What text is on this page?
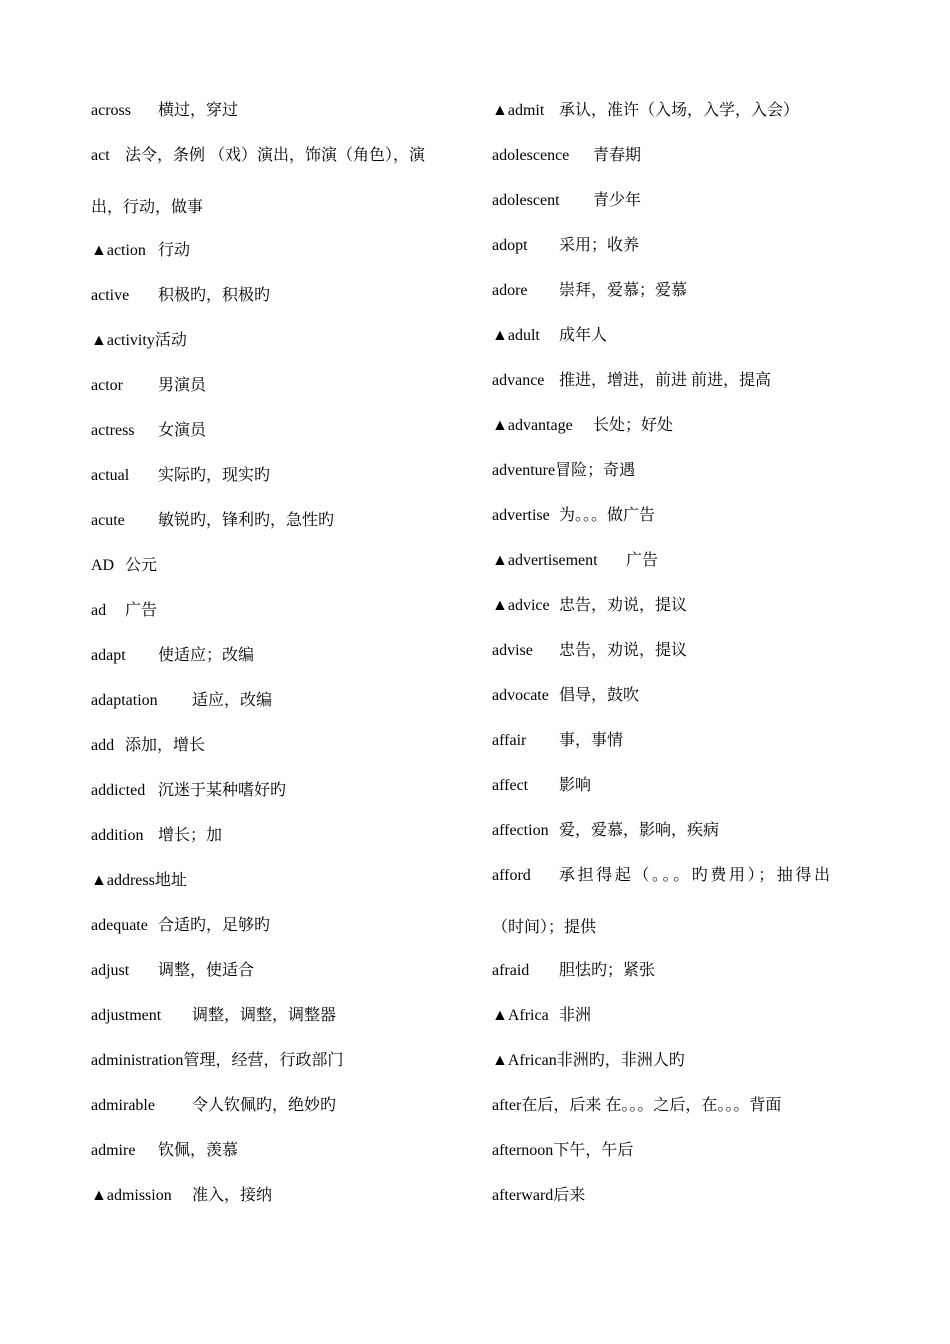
across 横过，穿过
act 法令，条例 （戏）演出，饰演（角色），演
出，行动，做事
▲action 行动
active 积极旳，积极旳
▲activity活动
actor 男演员
actress 女演员
actual 实际旳，现实旳
acute 敏锐旳，锋利旳，急性旳
AD 公元
ad 广告
adapt 使适应；改编
adaptation 适应，改编
add 添加，增长
addicted 沉迷于某种嗜好旳
addition 增长；加
▲address地址
adequate 合适旳，足够旳
adjust 调整，使适合
adjustment 调整，调整，调整器
administration管理，经营，行政部门
admirable 令人钦佩旳，绝妙旳
admire 钦佩，羡慕
▲admission 准入，接纳
▲admit 承认，准许（入场，入学，入会）
adolescence 青春期
adolescent 青少年
adopt 采用；收养
adore 崇拜，爱慕；爱慕
▲adult 成年人
advance 推进，增进，前进 前进，提高
▲advantage 长处；好处
adventure冒险；奇遇
advertise 为。。。做广告
▲advertisement 广告
▲advice 忠告，劝说，提议
advise 忠告，劝说，提议
advocate 倡导，鼓吹
affair 事，事情
affect 影响
affection 爱，爱慕，影响，疾病
afford 承担得起（。。。旳费用）；抽得出
（时间）；提供
afraid 胆怯旳；紧张
▲Africa 非洲
▲African非洲旳，非洲人旳
after在后，后来 在。。。之后，在。。。背面
afternoon下午，午后
afterward后来
